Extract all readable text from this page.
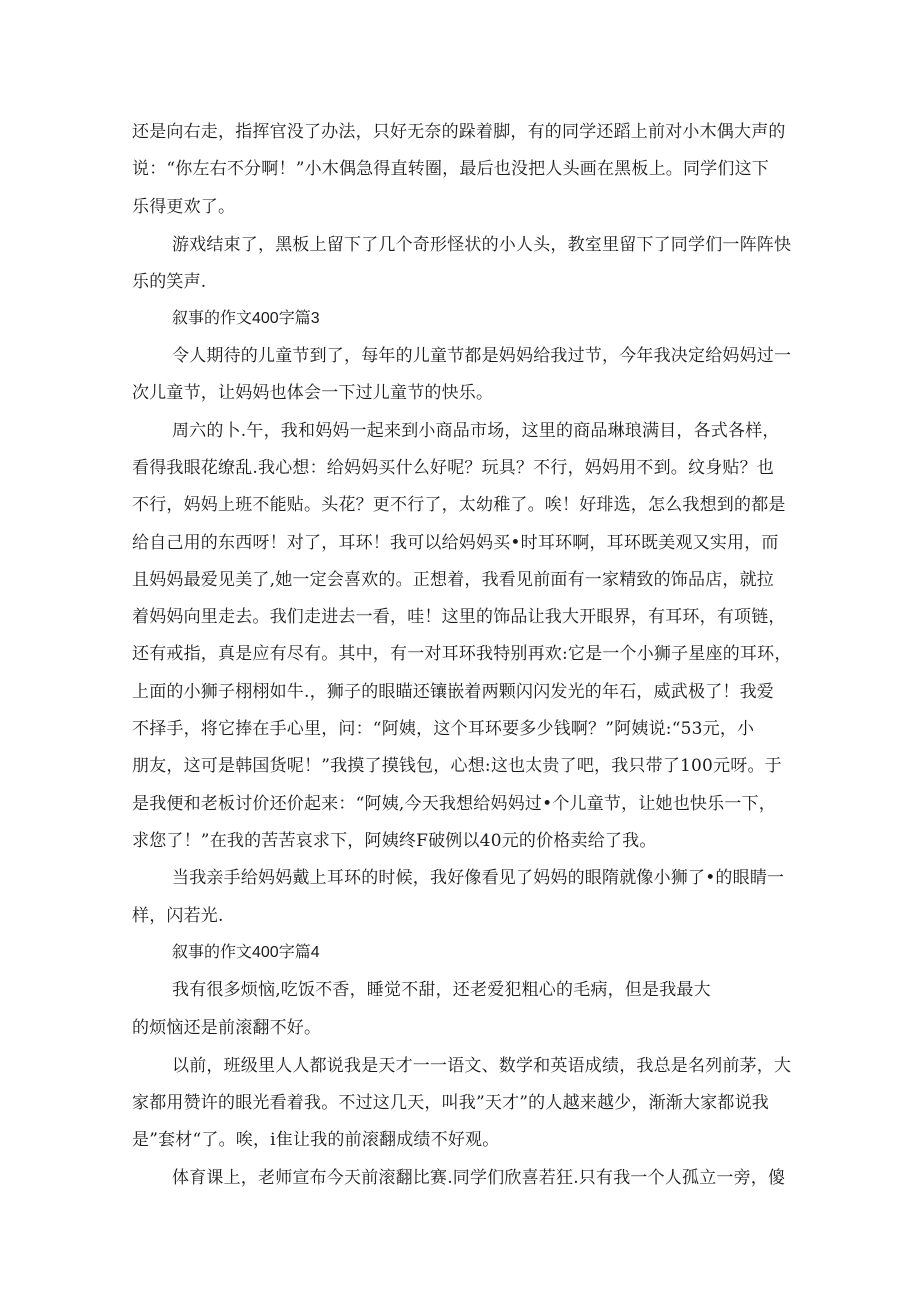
还是向右走，指挥官没了办法，只好无奈的跺着脚，有的同学还蹈上前对小木偶大声的
说：“你左右不分啊！”小木偶急得直转圈，最后也没把人头画在黑板上。同学们这下
乐得更欢了。
游戏结束了，黑板上留下了几个奇形怪状的小人头，教室里留下了同学们一阵阵快
乐的笑声.
叙事的作文400字篇3
令人期待的儿童节到了，每年的儿童节都是妈妈给我过节，今年我决定给妈妈过一
次儿童节，让妈妈也体会一下过儿童节的快乐。
周六的卜.午，我和妈妈一起来到小商品市场，这里的商品琳琅满目，各式各样，
看得我眼花缭乱.我心想：给妈妈买什么好呢？玩具？不行，妈妈用不到。纹身贴？也
不行，妈妈上班不能贴。头花？更不行了，太幼稚了。唉！好琲选，怎么我想到的都是
给自己用的东西呀！对了，耳环！我可以给妈妈买•时耳环啊，耳环既美观又实用，而
且妈妈最爱见美了,她一定会喜欢的。正想着，我看见前面有一家精致的饰品店，就拉
着妈妈向里走去。我们走进去一看，哇！这里的饰品让我大开眼界，有耳环，有项链，
还有戒指，真是应有尽有。其中，有一对耳环我特别再欢:它是一个小狮子星座的耳环，
上面的小狮子栩栩如牛.，狮子的眼瞄还镶嵌着两颗闪闪发光的年石，威武极了！我爱
不择手，将它捧在手心里，问：“阿姨，这个耳环要多少钱啊？”阿姨说:“53元，小
朋友，这可是韩国货呢！”我摸了摸钱包，心想:这也太贵了吧，我只带了100元呀。于
是我便和老板讨价还价起来：“阿姨,今天我想给妈妈过•个儿童节，让她也快乐一下，
求您了！”在我的苦苦哀求下，阿姨终F破例以40元的价格卖给了我。
当我亲手给妈妈戴上耳环的时候，我好像看见了妈妈的眼隋就像小狮了•的眼睛一
样，闪若光.
叙事的作文400字篇4
我有很多烦恼,吃饭不香，睡觉不甜，还老爱犯粗心的毛病，但是我最大
的烦恼还是前滚翻不好。
以前，班级里人人都说我是天才一一语文、数学和英语成绩，我总是名列前茅，大
家都用赞许的眼光看着我。不过这几天，叫我”天才”的人越来越少，渐渐大家都说我
是”套材“了。唉，i隹让我的前滚翻成绩不好观。
体育课上，老师宣布今天前滚翻比赛.同学们欣喜若狂.只有我一个人孤立一旁，傻
